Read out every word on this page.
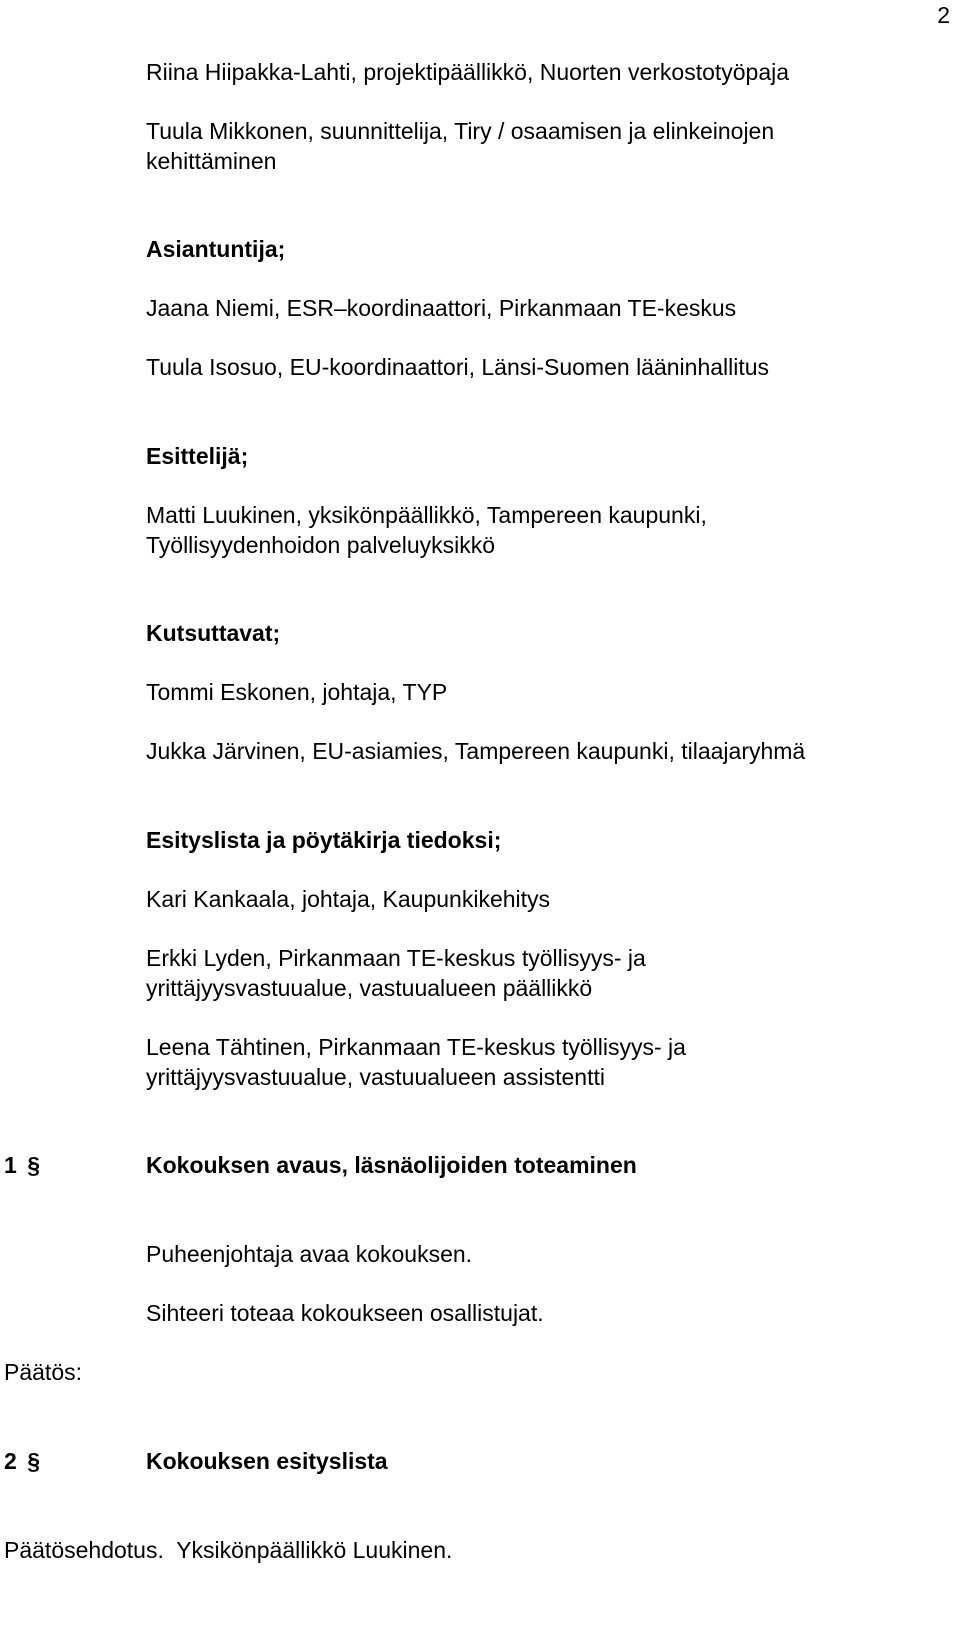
2
Riina Hiipakka-Lahti, projektipäällikkö, Nuorten verkostotyöpaja
Tuula Mikkonen, suunnittelija, Tiry / osaamisen ja elinkeinojen
kehittäminen
Asiantuntija;
Jaana Niemi, ESR–koordinaattori, Pirkanmaan TE-keskus
Tuula Isosuo, EU-koordinaattori, Länsi-Suomen lääninhallitus
Esittelijä;
Matti Luukinen, yksikönpäällikkö, Tampereen kaupunki,
Työllisyydenhoidon palveluyksikkö
Kutsuttavat;
Tommi Eskonen, johtaja, TYP
Jukka Järvinen, EU-asiamies, Tampereen kaupunki, tilaajaryhmä
Esityslista ja pöytäkirja tiedoksi;
Kari Kankaala, johtaja, Kaupunkikehitys
Erkki Lyden, Pirkanmaan TE-keskus työllisyys- ja
yrittäjyysvastuualue, vastuualueen päällikkö
Leena Tähtinen, Pirkanmaan TE-keskus työllisyys- ja
yrittäjyysvastuualue, vastuualueen assistentti
1 §	Kokouksen avaus, läsnäolijoiden toteaminen
Puheenjohtaja avaa kokouksen.
Sihteeri toteaa kokoukseen osallistujat.
Päätös:
2 §	Kokouksen esityslista
Päätösehdotus.  Yksikönpäällikkö Luukinen.
